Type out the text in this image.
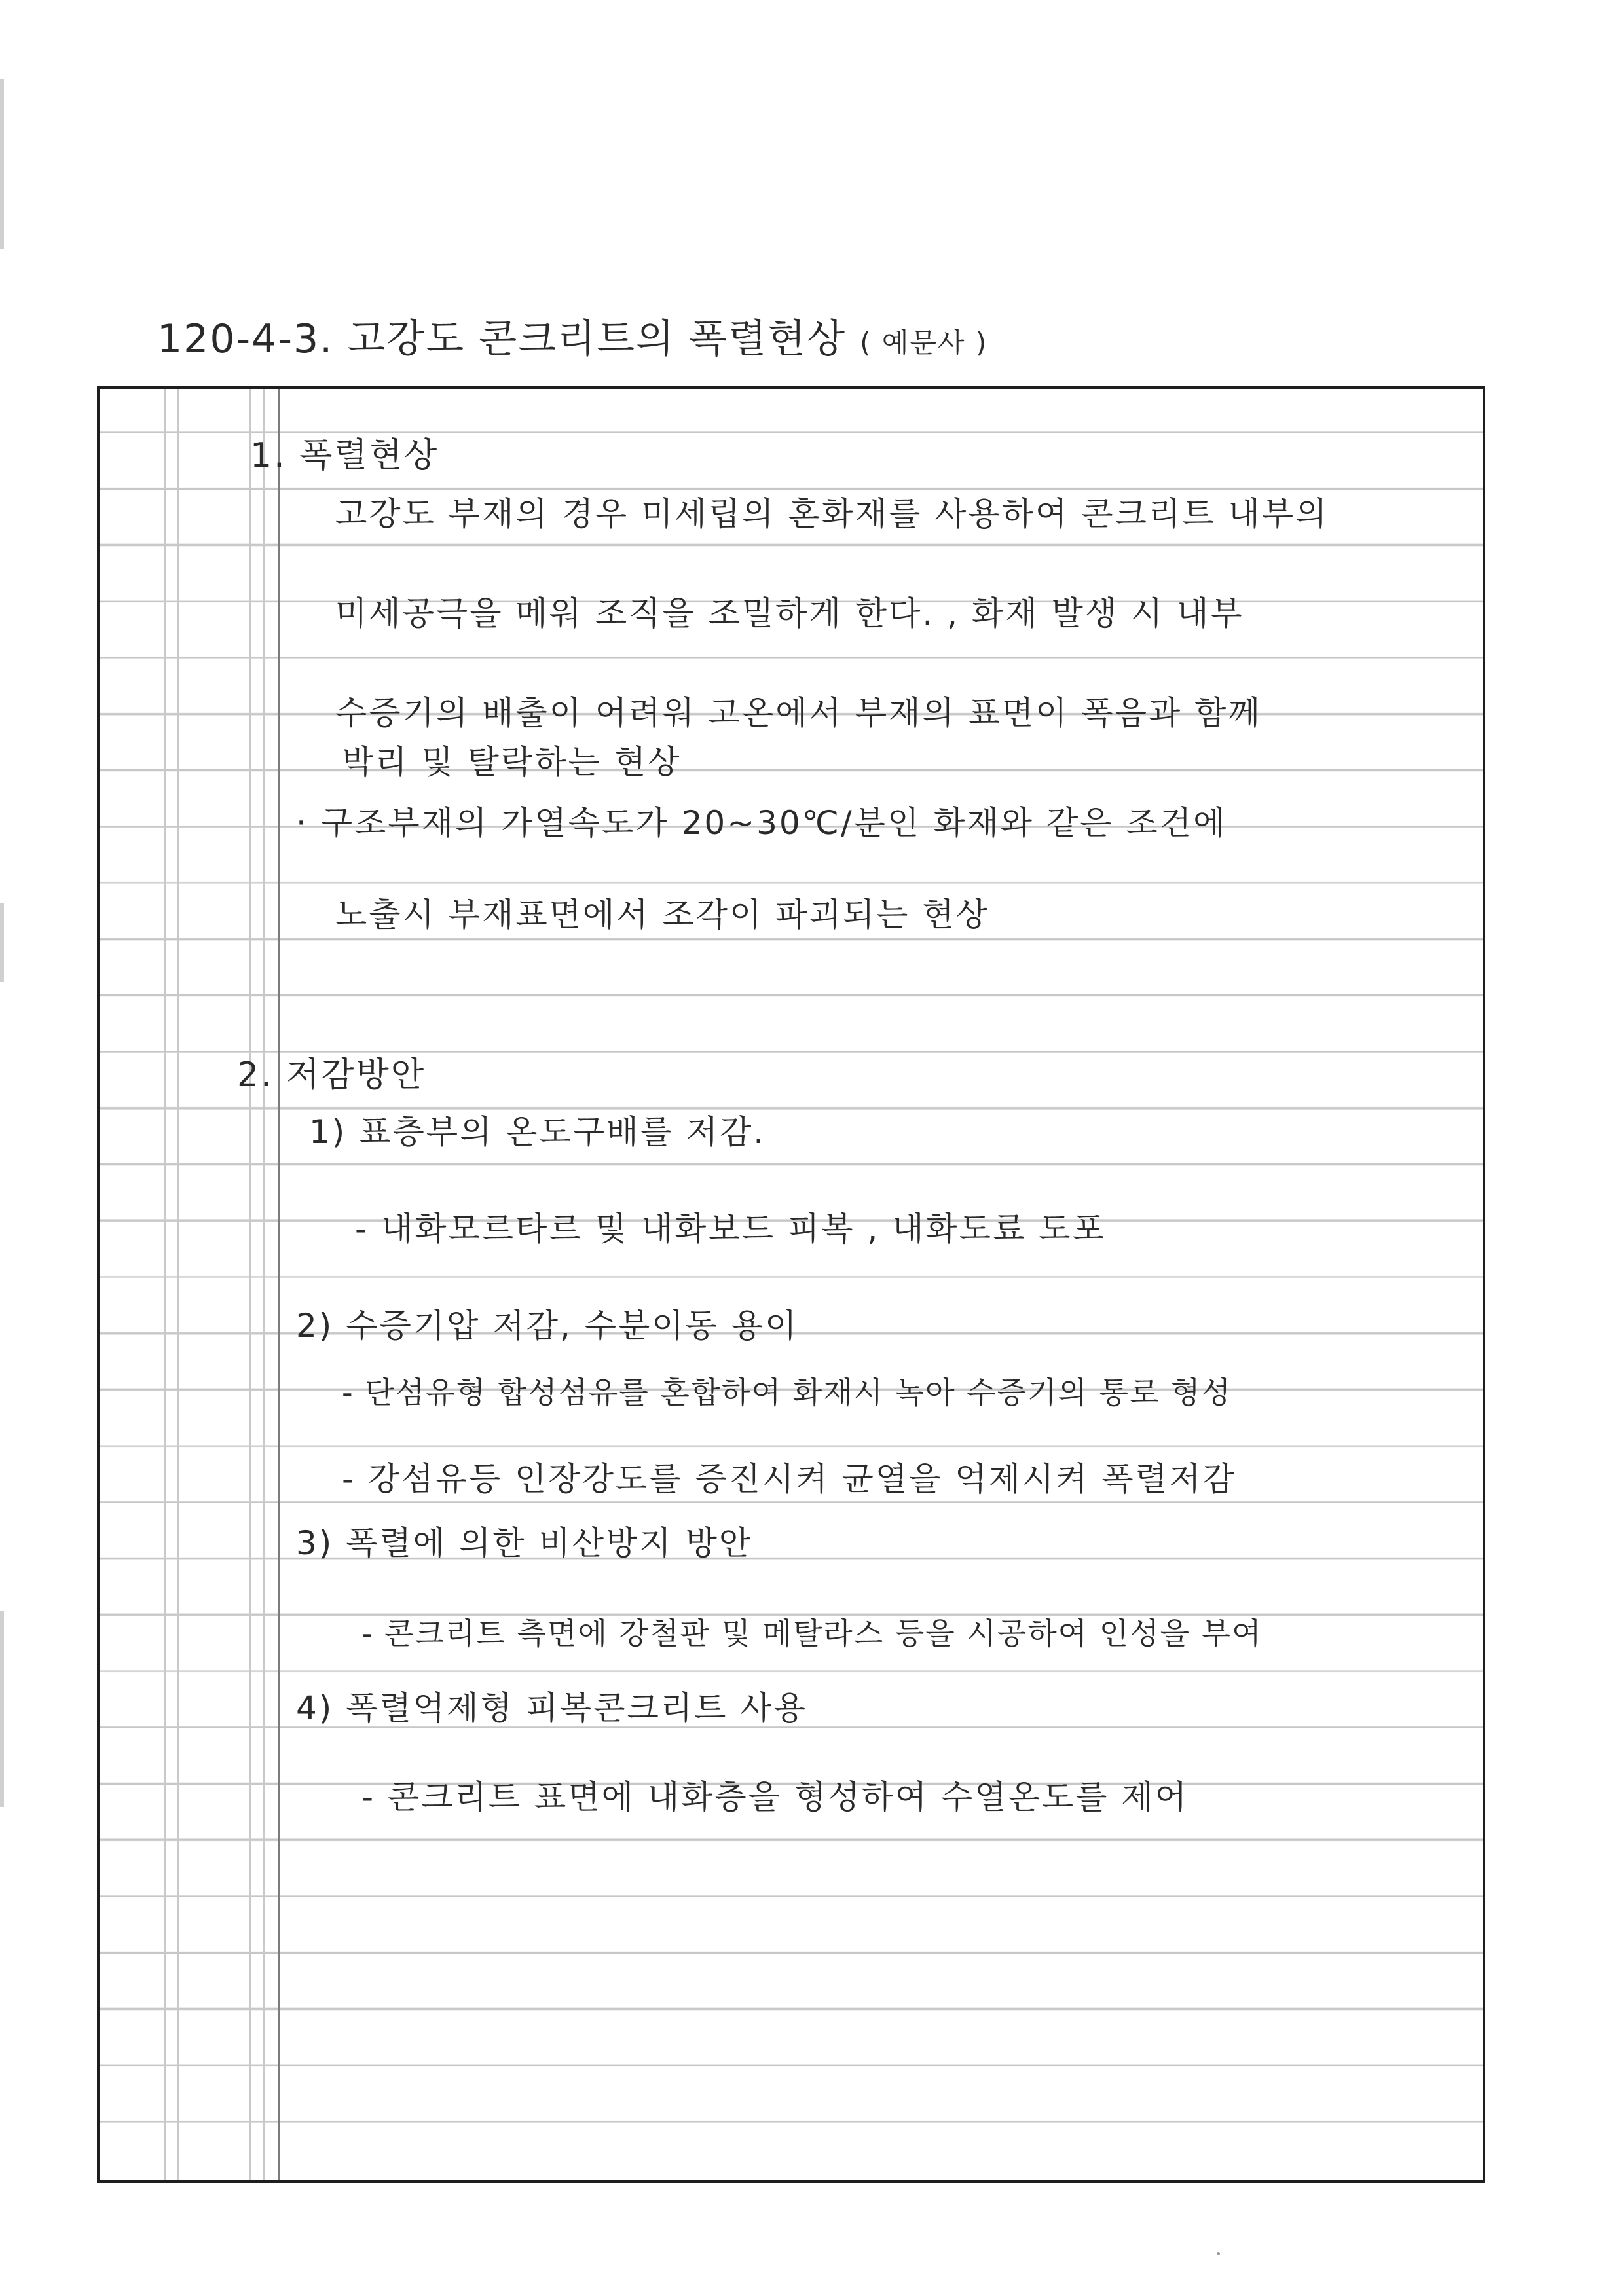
120-4-3. 고강도 콘크리트의 폭렬현상 ( 예문사 )
1. 폭렬현상
고강도 부재의 경우 미세립의 혼화재를 사용하여 콘크리트 내부의
미세공극을 메워 조직을 조밀하게 한다. , 화재 발생 시 내부
수증기의 배출이 어려워 고온에서 부재의 표면이 폭음과 함께
박리 및 탈락하는 현상
· 구조부재의 가열속도가 20~30℃/분인 화재와 같은 조건에
노출시 부재표면에서 조각이 파괴되는 현상
2. 저감방안
1) 표층부의 온도구배를 저감.
- 내화모르타르 및 내화보드 피복 , 내화도료 도포
2) 수증기압 저감, 수분이동 용이
- 단섬유형 합성섬유를 혼합하여 화재시 녹아 수증기의 통로 형성
- 강섬유등 인장강도를 증진시켜 균열을 억제시켜 폭렬저감
3) 폭렬에 의한 비산방지 방안
- 콘크리트 측면에 강철판 및 메탈라스 등을 시공하여 인성을 부여
4) 폭렬억제형 피복콘크리트 사용
- 콘크리트 표면에 내화층을 형성하여 수열온도를 제어
